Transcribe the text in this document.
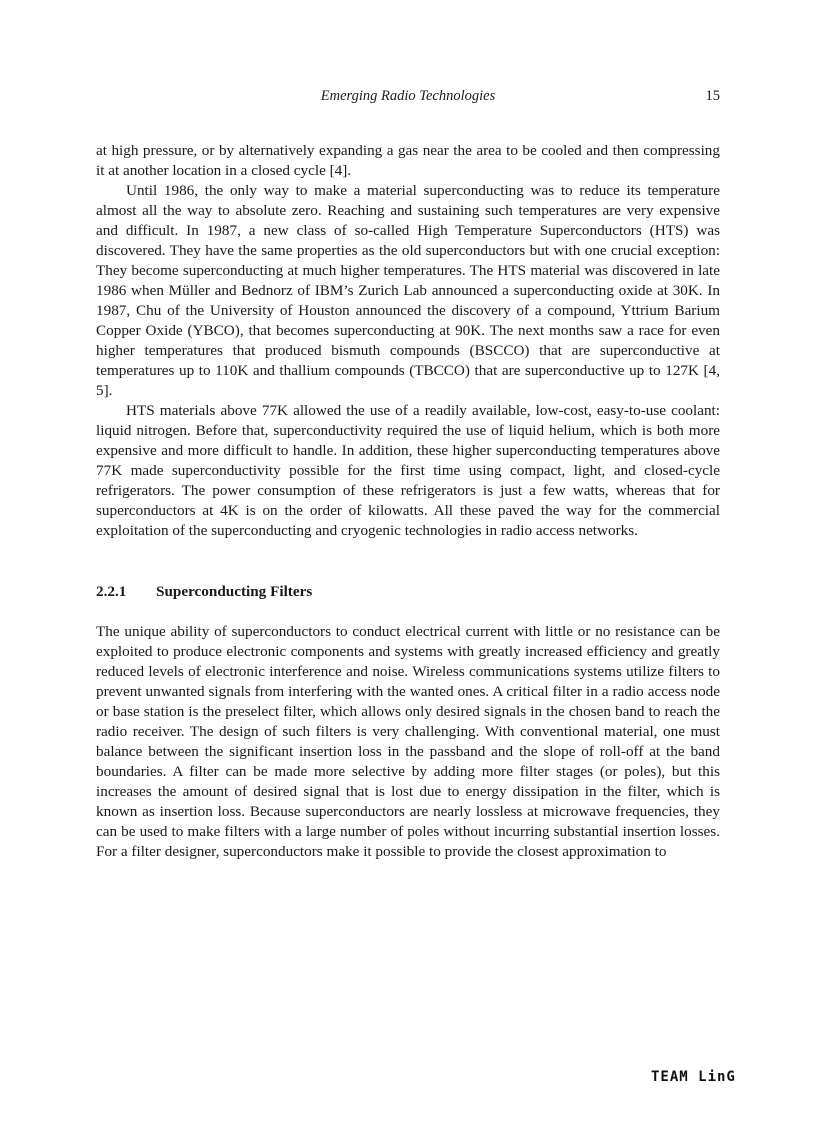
Emerging Radio Technologies	15

at high pressure, or by alternatively expanding a gas near the area to be cooled and then compressing it at another location in a closed cycle [4].

Until 1986, the only way to make a material superconducting was to reduce its temperature almost all the way to absolute zero. Reaching and sustaining such temperatures are very expensive and difficult. In 1987, a new class of so-called High Temperature Superconductors (HTS) was discovered. They have the same properties as the old superconductors but with one crucial exception: They become superconducting at much higher temperatures. The HTS material was discovered in late 1986 when Müller and Bednorz of IBM’s Zurich Lab announced a superconducting oxide at 30K. In 1987, Chu of the University of Houston announced the discovery of a compound, Yttrium Barium Copper Oxide (YBCO), that becomes superconducting at 90K. The next months saw a race for even higher temperatures that produced bismuth compounds (BSCCO) that are superconductive at temperatures up to 110K and thallium compounds (TBCCO) that are superconductive up to 127K [4, 5].

HTS materials above 77K allowed the use of a readily available, low-cost, easy-to-use coolant: liquid nitrogen. Before that, superconductivity required the use of liquid helium, which is both more expensive and more difficult to handle. In addition, these higher superconducting temperatures above 77K made superconductivity possible for the first time using compact, light, and closed-cycle refrigerators. The power consumption of these refrigerators is just a few watts, whereas that for superconductors at 4K is on the order of kilowatts. All these paved the way for the commercial exploitation of the superconducting and cryogenic technologies in radio access networks.

2.2.1	Superconducting Filters

The unique ability of superconductors to conduct electrical current with little or no resistance can be exploited to produce electronic components and systems with greatly increased efficiency and greatly reduced levels of electronic interference and noise. Wireless communications systems utilize filters to prevent unwanted signals from interfering with the wanted ones. A critical filter in a radio access node or base station is the preselect filter, which allows only desired signals in the chosen band to reach the radio receiver. The design of such filters is very challenging. With conventional material, one must balance between the significant insertion loss in the passband and the slope of roll-off at the band boundaries. A filter can be made more selective by adding more filter stages (or poles), but this increases the amount of desired signal that is lost due to energy dissipation in the filter, which is known as insertion loss. Because superconductors are nearly lossless at microwave frequencies, they can be used to make filters with a large number of poles without incurring substantial insertion losses. For a filter designer, superconductors make it possible to provide the closest approximation to

TEAM LinG
